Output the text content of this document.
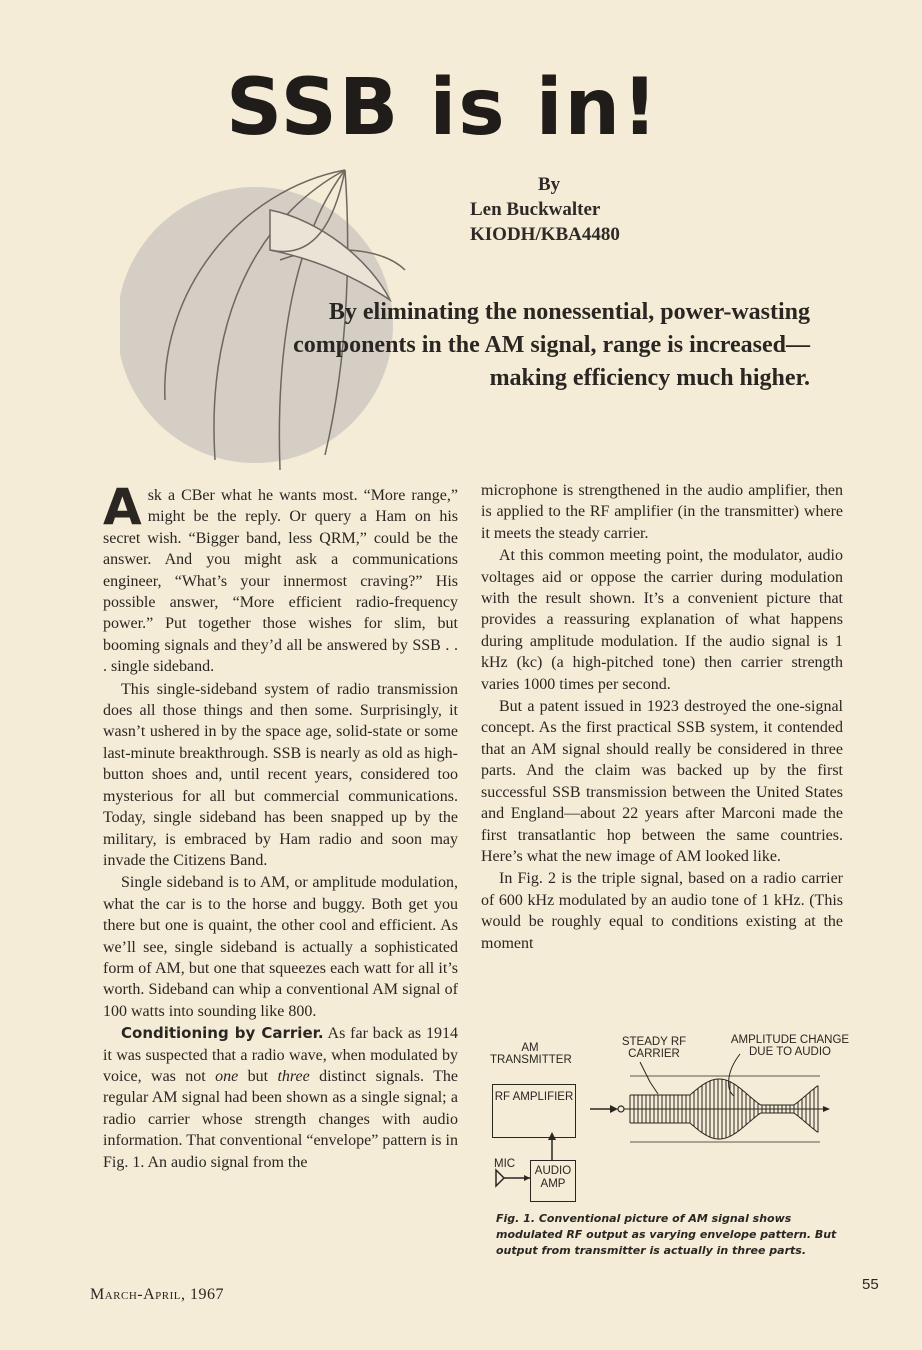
SSB is in!
By
Len Buckwalter
KIODH/KBA4480
By eliminating the nonessential, power-wasting components in the AM signal, range is increased—making efficiency much higher.

Ask a CBer what he wants most. “More range,” might be the reply. Or query a Ham on his secret wish. “Bigger band, less QRM,” could be the answer. And you might ask a communications engineer, “What’s your innermost craving?” His possible answer, “More efficient radio-frequency power.” Put together those wishes for slim, but booming signals and they’d all be answered by SSB . . . single sideband.

This single-sideband system of radio transmission does all those things and then some. Surprisingly, it wasn’t ushered in by the space age, solid-state or some last-minute breakthrough. SSB is nearly as old as high-button shoes and, until recent years, considered too mysterious for all but commercial communications. Today, single sideband has been snapped up by the military, is embraced by Ham radio and soon may invade the Citizens Band.

Single sideband is to AM, or amplitude modulation, what the car is to the horse and buggy. Both get you there but one is quaint, the other cool and efficient. As we’ll see, single sideband is actually a sophisticated form of AM, but one that squeezes each watt for all it’s worth. Sideband can whip a conventional AM signal of 100 watts into sounding like 800.

Conditioning by Carrier. As far back as 1914 it was suspected that a radio wave, when modulated by voice, was not one but three distinct signals. The regular AM signal had been shown as a single signal; a radio carrier whose strength changes with audio information. That conventional “envelope” pattern is in Fig. 1. An audio signal from the

microphone is strengthened in the audio amplifier, then is applied to the RF amplifier (in the transmitter) where it meets the steady carrier.

At this common meeting point, the modulator, audio voltages aid or oppose the carrier during modulation with the result shown. It’s a convenient picture that provides a reassuring explanation of what happens during amplitude modulation. If the audio signal is 1 kHz (kc) (a high-pitched tone) then carrier strength varies 1000 times per second.

But a patent issued in 1923 destroyed the one-signal concept. As the first practical SSB system, it contended that an AM signal should really be considered in three parts. And the claim was backed up by the first successful SSB transmission between the United States and England—about 22 years after Marconi made the first transatlantic hop between the same countries. Here’s what the new image of AM looked like.

In Fig. 2 is the triple signal, based on a radio carrier of 600 kHz modulated by an audio tone of 1 kHz. (This would be roughly equal to conditions existing at the moment

AM TRANSMITTER
STEADY RF CARRIER
AMPLITUDE CHANGE DUE TO AUDIO
RF AMPLIFIER
MIC
AUDIO AMP
Fig. 1. Conventional picture of AM signal shows modulated RF output as varying envelope pattern. But output from transmitter is actually in three parts.
March-April, 1967
55
